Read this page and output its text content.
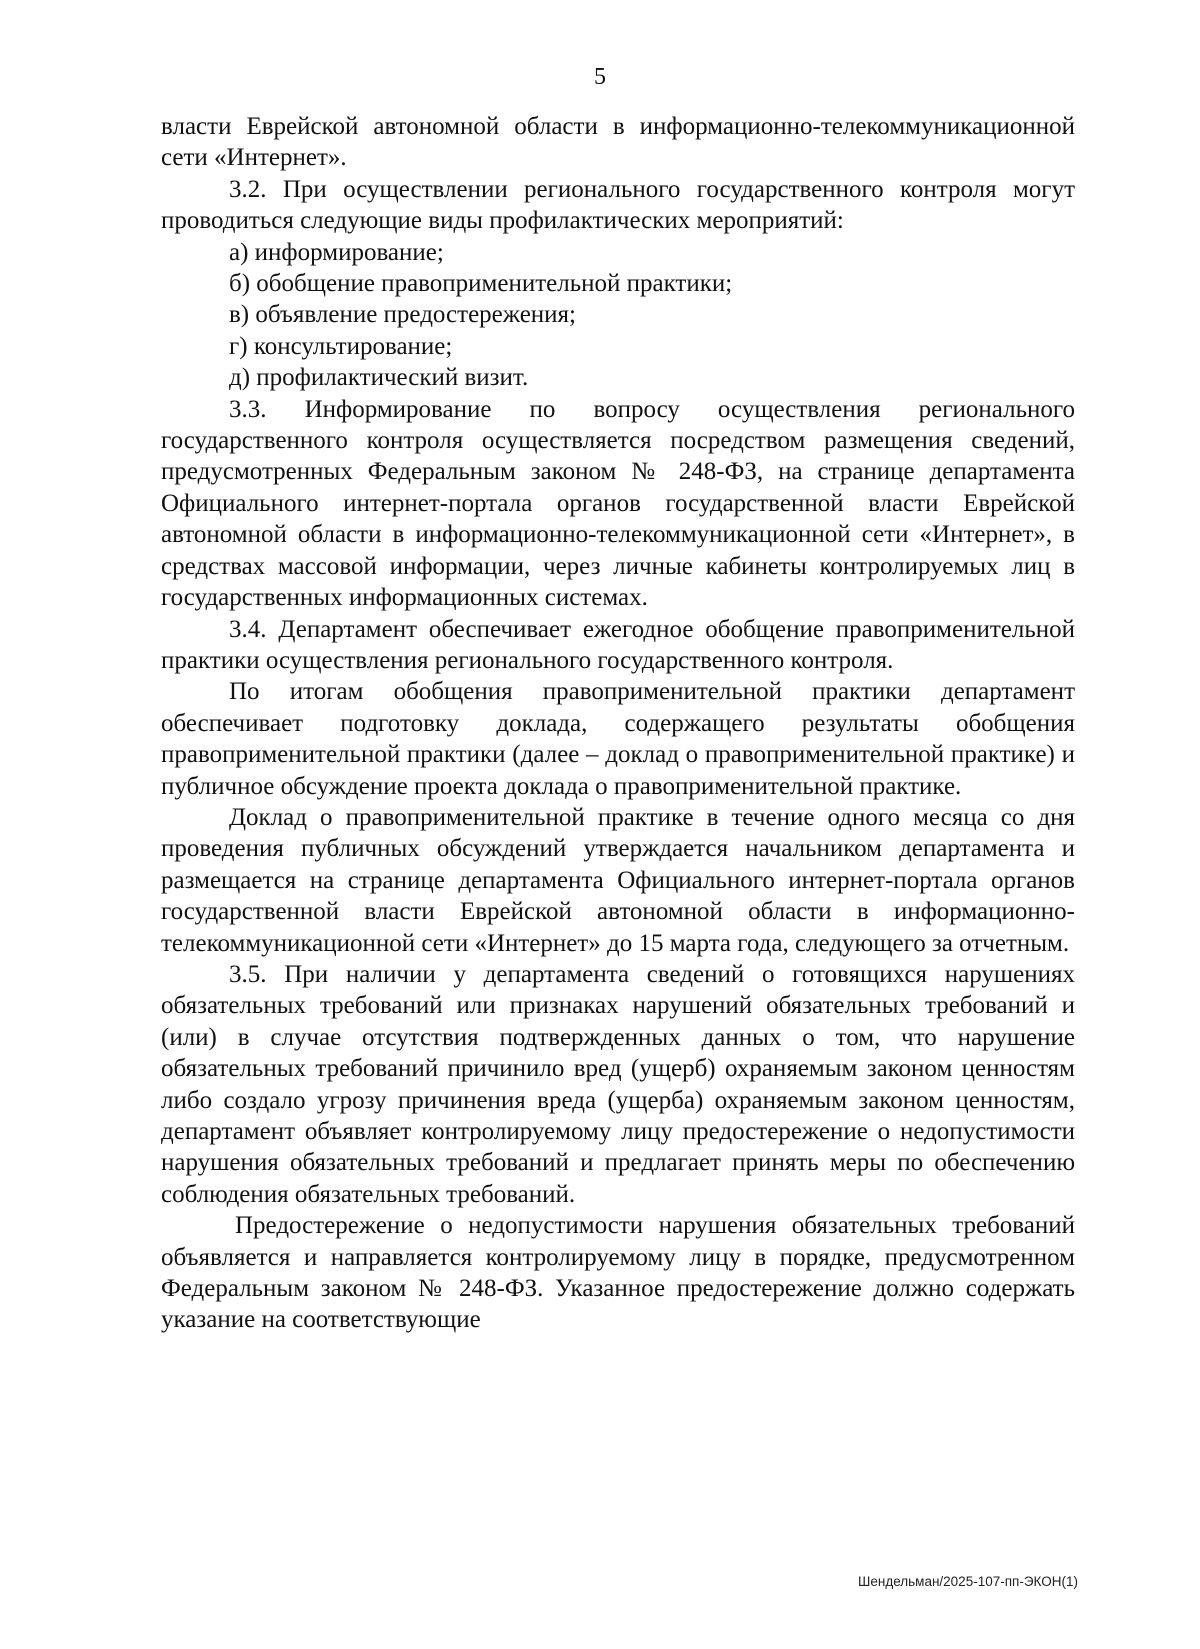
5

власти Еврейской автономной области в информационно-телекоммуникационной сети «Интернет».

3.2. При осуществлении регионального государственного контроля могут проводиться следующие виды профилактических мероприятий:

а) информирование;

б) обобщение правоприменительной практики;

в) объявление предостережения;

г) консультирование;

д) профилактический визит.

3.3. Информирование по вопросу осуществления регионального государственного контроля осуществляется посредством размещения сведений, предусмотренных Федеральным законом № 248-ФЗ, на странице департамента Официального интернет-портала органов государственной власти Еврейской автономной области в информационно-телекоммуникационной сети «Интернет», в средствах массовой информации, через личные кабинеты контролируемых лиц в государственных информационных системах.

3.4. Департамент обеспечивает ежегодное обобщение правоприменительной практики осуществления регионального государственного контроля.

По итогам обобщения правоприменительной практики департамент обеспечивает подготовку доклада, содержащего результаты обобщения правоприменительной практики (далее – доклад о правоприменительной практике) и публичное обсуждение проекта доклада о правоприменительной практике.

Доклад о правоприменительной практике в течение одного месяца со дня проведения публичных обсуждений утверждается начальником департамента и размещается на странице департамента Официального интернет-портала органов государственной власти Еврейской автономной области в информационно-телекоммуникационной сети «Интернет» до 15 марта года, следующего за отчетным.

3.5. При наличии у департамента сведений о готовящихся нарушениях обязательных требований или признаках нарушений обязательных требований и (или) в случае отсутствия подтвержденных данных о том, что нарушение обязательных требований причинило вред (ущерб) охраняемым законом ценностям либо создало угрозу причинения вреда (ущерба) охраняемым законом ценностям, департамент объявляет контролируемому лицу предостережение о недопустимости нарушения обязательных требований и предлагает принять меры по обеспечению соблюдения обязательных требований.

Предостережение о недопустимости нарушения обязательных требований объявляется и направляется контролируемому лицу в порядке, предусмотренном Федеральным законом № 248-ФЗ. Указанное предостережение должно содержать указание на соответствующие

Шендельман/2025-107-пп-ЭКОН(1)
